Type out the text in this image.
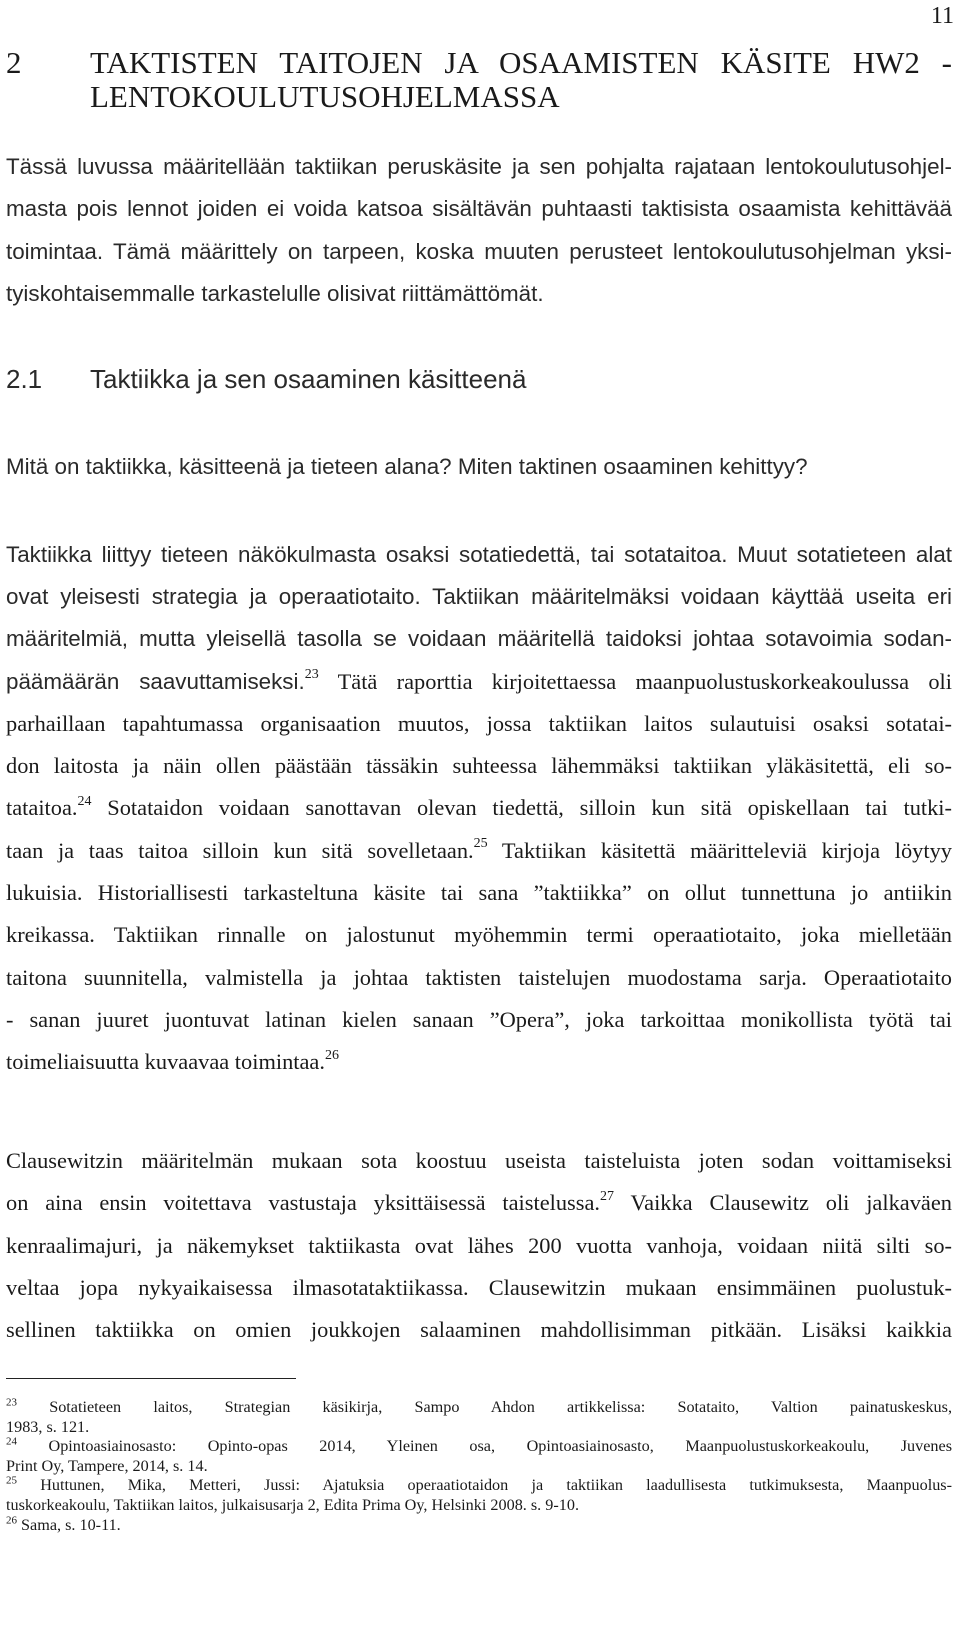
11
2 TAKTISTEN TAITOJEN JA OSAAMISTEN KÄSITE HW2 -
LENTOKOULUTUSOHJELMASSA
Tässä luvussa määritellään taktiikan peruskäsite ja sen pohjalta rajataan lentokoulutusohjel-
masta pois lennot joiden ei voida katsoa sisältävän puhtaasti taktisista osaamista kehittävää
toimintaa. Tämä määrittely on tarpeen, koska muuten perusteet lentokoulutusohjelman yksi-
tyiskohtaisemmalle tarkastelulle olisivat riittämättömät.
2.1 Taktiikka ja sen osaaminen käsitteenä
Mitä on taktiikka, käsitteenä ja tieteen alana? Miten taktinen osaaminen kehittyy?
Taktiikka liittyy tieteen näkökulmasta osaksi sotatiedettä, tai sotataitoa. Muut sotatieteen alat
ovat yleisesti strategia ja operaatiotaito. Taktiikan määritelmäksi voidaan käyttää useita eri
määritelmiä, mutta yleisellä tasolla se voidaan määritellä taidoksi johtaa sotavoimia sodan-
päämäärän saavuttamiseksi.$^{23}$ Tätä raporttia kirjoitettaessa maanpuolustuskorkeakoulussa oli
parhaillaan tapahtumassa organisaation muutos, jossa taktiikan laitos sulautuisi osaksi sotatai-
don laitosta ja näin ollen päästään tässäkin suhteessa lähemmäksi taktiikan yläkäsitettä, eli so-
tataitoa.$^{24}$ Sotataidon voidaan sanottavan olevan tiedettä, silloin kun sitä opiskellaan tai tutki-
taan ja taas taitoa silloin kun sitä sovelletaan.$^{25}$ Taktiikan käsitettä määritteleviä kirjoja löytyy
lukuisia. Historiallisesti tarkasteltuna käsite tai sana ”taktiikka” on ollut tunnettuna jo antiikin
kreikassa. Taktiikan rinnalle on jalostunut myöhemmin termi operaatiotaito, joka mielletään
taitona suunnitella, valmistella ja johtaa taktisten taistelujen muodostama sarja. Operaatiotaito
- sanan juuret juontuvat latinan kielen sanaan ”Opera”, joka tarkoittaa monikollista työtä tai
toimeliaisuutta kuvaavaa toimintaa.$^{26}$
Clausewitzin määritelmän mukaan sota koostuu useista taisteluista joten sodan voittamiseksi
on aina ensin voitettava vastustaja yksittäisessä taistelussa.$^{27}$ Vaikka Clausewitz oli jalkaväen
kenraalimajuri, ja näkemykset taktiikasta ovat lähes 200 vuotta vanhoja, voidaan niitä silti so-
veltaa jopa nykyaikaisessa ilmasotataktiikassa. Clausewitzin mukaan ensimmäinen puolustuk-
sellinen taktiikka on omien joukkojen salaaminen mahdollisimman pitkään. Lisäksi kaikkia
$^{23}$ Sotatieteen laitos, Strategian käsikirja, Sampo Ahdon artikkelissa: Sotataito, Valtion painatuskeskus,
1983, s. 121.
$^{24}$ Opintoasiainosasto: Opinto-opas 2014, Yleinen osa, Opintoasiainosasto, Maanpuolustuskorkeakoulu, Juvenes
Print Oy, Tampere, 2014, s. 14.
$^{25}$ Huttunen, Mika, Metteri, Jussi: Ajatuksia operaatiotaidon ja taktiikan laadullisesta tutkimuksesta, Maanpuolus-
tuskorkeakoulu, Taktiikan laitos, julkaisusarja 2, Edita Prima Oy, Helsinki 2008. s. 9-10.
$^{26}$ Sama, s. 10-11.
